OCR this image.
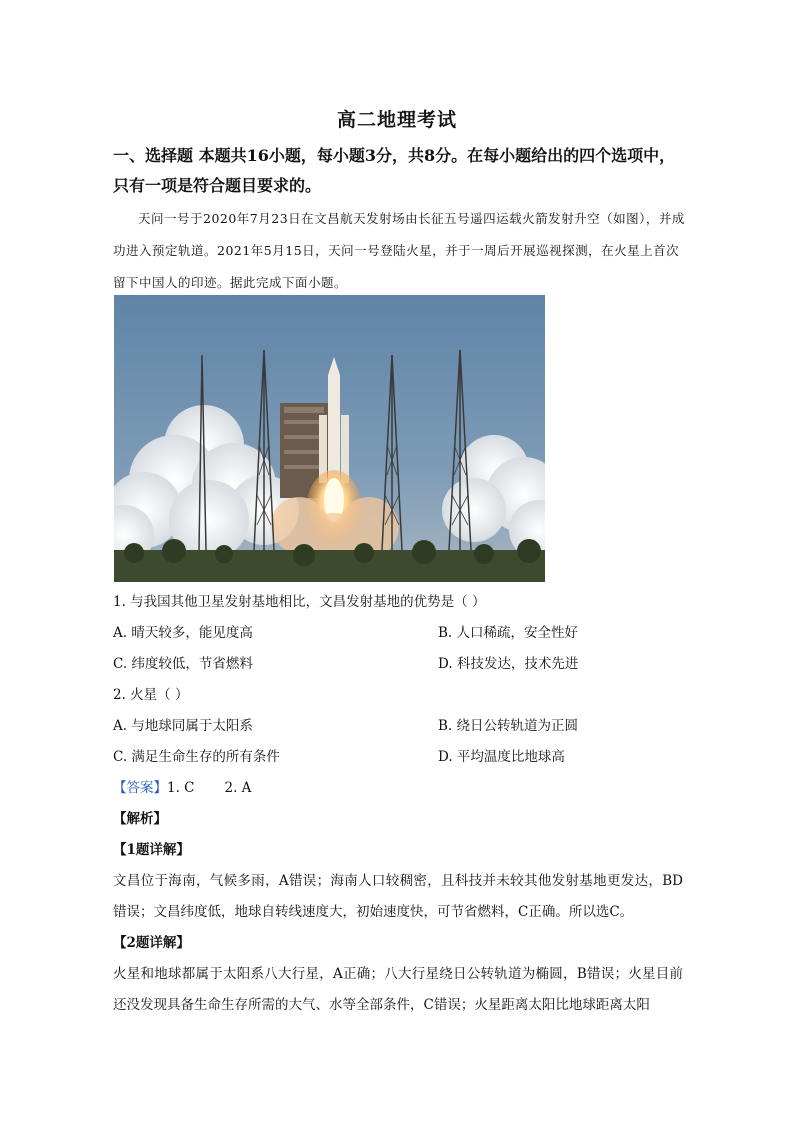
高二地理考试
一、选择题 本题共16小题，每小题3分，共8分。在每小题给出的四个选项中，只有一项是符合题目要求的。
天问一号于2020年7月23日在文昌航天发射场由长征五号遥四运载火箭发射升空（如图），并成功进入预定轨道。2021年5月15日，天问一号登陆火星，并于一周后开展巡视探测，在火星上首次留下中国人的印迹。据此完成下面小题。
1. 与我国其他卫星发射基地相比，文昌发射基地的优势是（ ）
A. 晴天较多，能见度高	B. 人口稀疏，安全性好
C. 纬度较低，节省燃料	D. 科技发达，技术先进
2. 火星（ ）
A. 与地球同属于太阳系	B. 绕日公转轨道为正圆
C. 满足生命生存的所有条件	D. 平均温度比地球高
【答案】1. C 2. A
【解析】
【1题详解】
文昌位于海南，气候多雨，A错误；海南人口较稠密，且科技并未较其他发射基地更发达，BD错误；文昌纬度低，地球自转线速度大，初始速度快，可节省燃料，C正确。所以选C。
【2题详解】
火星和地球都属于太阳系八大行星，A正确；八大行星绕日公转轨道为椭圆，B错误；火星目前还没发现具备生命生存所需的大气、水等全部条件，C错误；火星距离太阳比地球距离太阳
